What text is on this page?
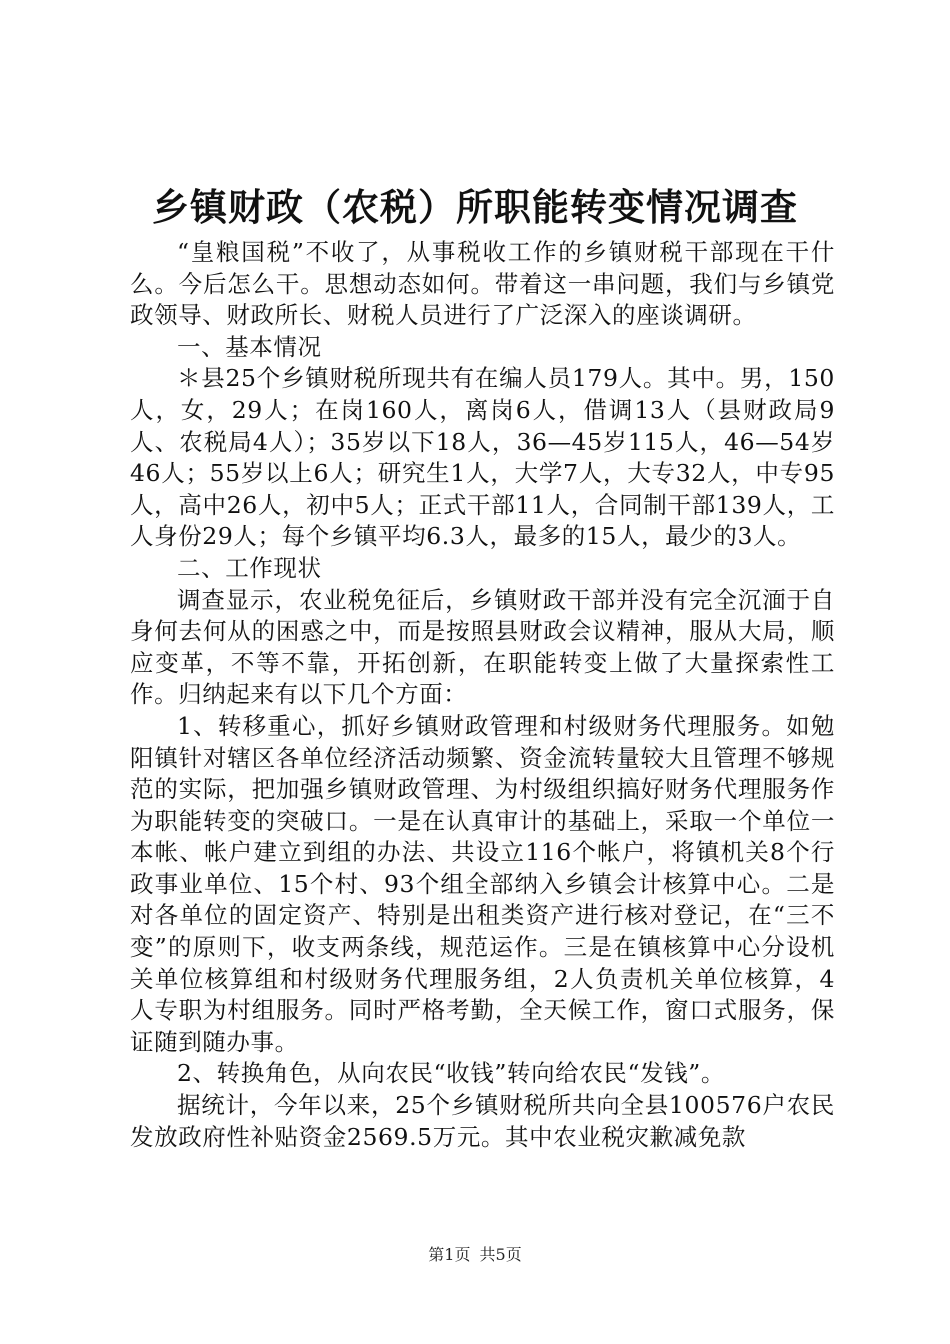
乡镇财政（农税）所职能转变情况调查

“皇粮国税”不收了，从事税收工作的乡镇财税干部现在干什么。今后怎么干。思想动态如何。带着这一串问题，我们与乡镇党政领导、财政所长、财税人员进行了广泛深入的座谈调研。

一、基本情况

＊县25个乡镇财税所现共有在编人员179人。其中。男，150人，女，29人；在岗160人，离岗6人，借调13人（县财政局9人、农税局4人）；35岁以下18人，36—45岁115人，46—54岁46人；55岁以上6人；研究生1人，大学7人，大专32人，中专95人，高中26人，初中5人；正式干部11人，合同制干部139人，工人身份29人；每个乡镇平均6.3人，最多的15人，最少的3人。

二、工作现状

调查显示，农业税免征后，乡镇财政干部并没有完全沉湎于自身何去何从的困惑之中，而是按照县财政会议精神，服从大局，顺应变革，不等不靠，开拓创新，在职能转变上做了大量探索性工作。归纳起来有以下几个方面：

1、转移重心，抓好乡镇财政管理和村级财务代理服务。如勉阳镇针对辖区各单位经济活动频繁、资金流转量较大且管理不够规范的实际，把加强乡镇财政管理、为村级组织搞好财务代理服务作为职能转变的突破口。一是在认真审计的基础上，采取一个单位一本帐、帐户建立到组的办法、共设立116个帐户，将镇机关8个行政事业单位、15个村、93个组全部纳入乡镇会计核算中心。二是对各单位的固定资产、特别是出租类资产进行核对登记，在“三不变”的原则下，收支两条线，规范运作。三是在镇核算中心分设机关单位核算组和村级财务代理服务组，2人负责机关单位核算，4人专职为村组服务。同时严格考勤，全天候工作，窗口式服务，保证随到随办事。

2、转换角色，从向农民“收钱”转向给农民“发钱”。

据统计，今年以来，25个乡镇财税所共向全县100576户农民发放政府性补贴资金2569.5万元。其中农业税灾歉减免款

第1页 共5页
